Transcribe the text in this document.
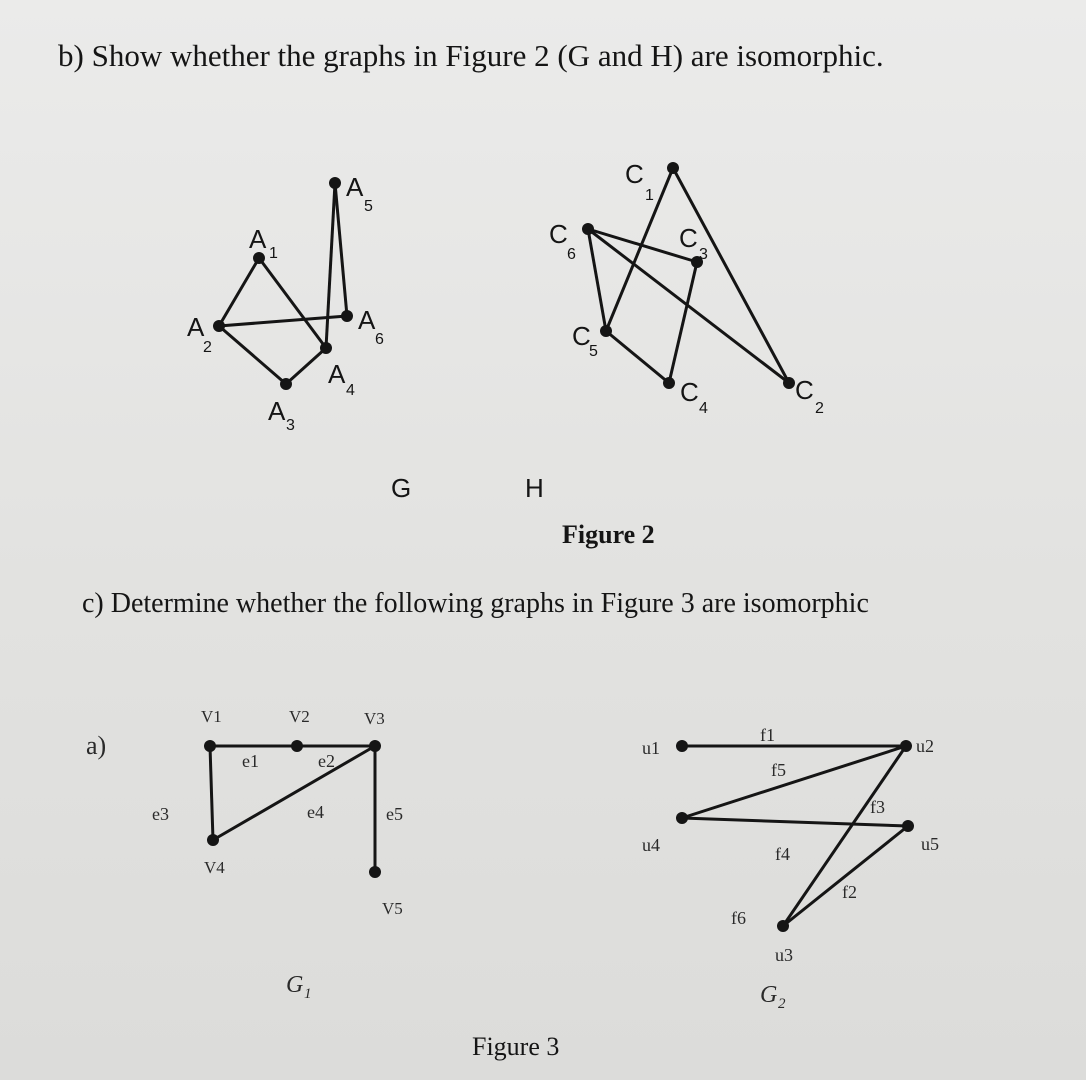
b) Show whether the graphs in Figure 2 (G and H) are isomorphic.
A 1
A
2
A 3
A
4
A
5
A
6
G
C
1
C
2
C
3
C
4
C
5
C
6
H
V1	V2	V3
V4
V5
e1	e2
e3	e4	e5
G 1
u1	u2
u3
u4	u5
f1
f2
f3
f4
f5
f6
G 2
a)
Figure 2
c) Determine whether the following graphs in Figure 3 are isomorphic
Figure 3
